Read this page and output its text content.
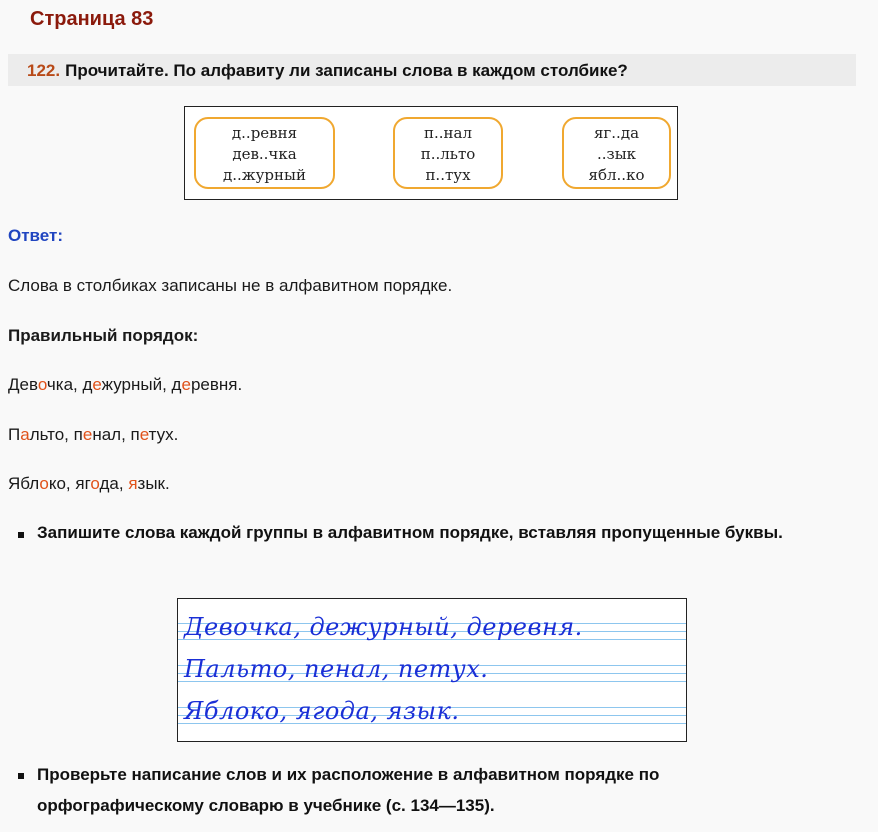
Страница 83
122. Прочитайте. По алфавиту ли записаны слова в каждом столбике?
д..ревня
дев..чка
д..журный
п..нал
п..льто
п..тух
яг..да
..зык
ябл..ко
Ответ:
Слова в столбиках записаны не в алфавитном порядке.
Правильный порядок:
Девочка, дежурный, деревня.
Пальто, пенал, петух.
Яблоко, ягода, язык.
Запишите слова каждой группы в алфавитном порядке, вставляя пропущенные буквы.
Девочка, дежурный, деревня.
Пальто, пенал, петух.
Яблоко, ягода, язык.
Проверьте написание слов и их расположение в алфавитном порядке по орфографическому словарю в учебнике (с. 134—135).
